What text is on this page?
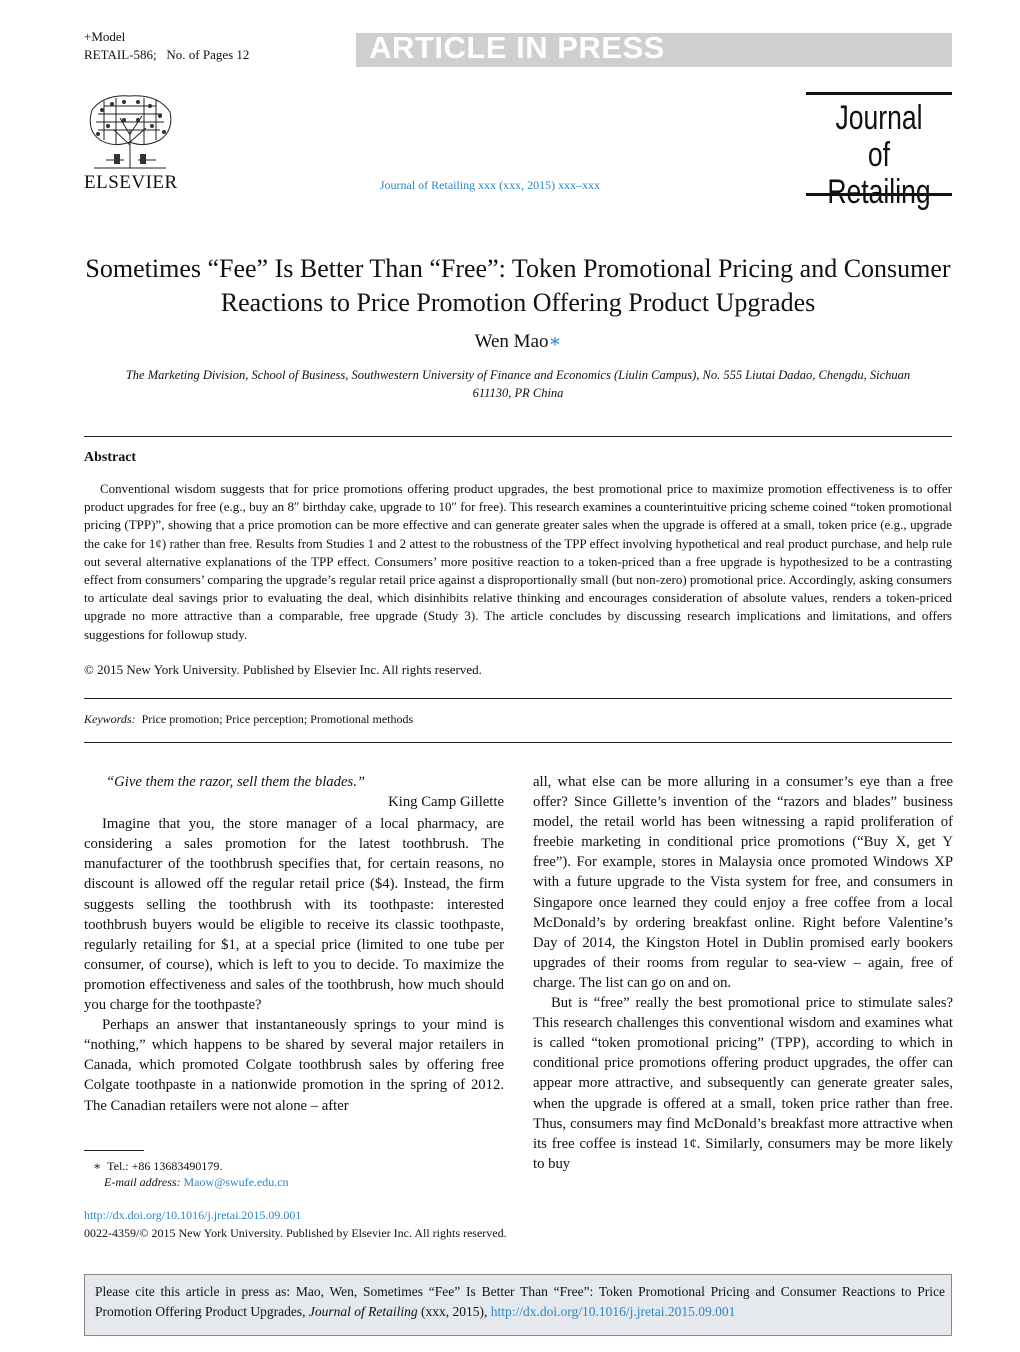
+Model
RETAIL-586; No. of Pages 12	ARTICLE IN PRESS
ELSEVIER	Journal of Retailing xxx (xxx, 2015) xxx–xxx
Journal of
Retailing
Sometimes “Fee” Is Better Than “Free”: Token Promotional Pricing and Consumer Reactions to Price Promotion Offering Product Upgrades
Wen Mao∗
The Marketing Division, School of Business, Southwestern University of Finance and Economics (Liulin Campus), No. 555 Liutai Dadao, Chengdu, Sichuan 611130, PR China
Abstract
Conventional wisdom suggests that for price promotions offering product upgrades, the best promotional price to maximize promotion effectiveness is to offer product upgrades for free (e.g., buy an 8″ birthday cake, upgrade to 10″ for free). This research examines a counterintuitive pricing scheme coined “token promotional pricing (TPP)”, showing that a price promotion can be more effective and can generate greater sales when the upgrade is offered at a small, token price (e.g., upgrade the cake for 1¢) rather than free. Results from Studies 1 and 2 attest to the robustness of the TPP effect involving hypothetical and real product purchase, and help rule out several alternative explanations of the TPP effect. Consumers’ more positive reaction to a token-priced than a free upgrade is hypothesized to be a contrasting effect from consumers’ comparing the upgrade’s regular retail price against a disproportionally small (but non-zero) promotional price. Accordingly, asking consumers to articulate deal savings prior to evaluating the deal, which disinhibits relative thinking and encourages consideration of absolute values, renders a token-priced upgrade no more attractive than a comparable, free upgrade (Study 3). The article concludes by discussing research implications and limitations, and offers suggestions for followup study.
© 2015 New York University. Published by Elsevier Inc. All rights reserved.
Keywords: Price promotion; Price perception; Promotional methods

“Give them the razor, sell them the blades.”

King Camp Gillette

Imagine that you, the store manager of a local pharmacy, are considering a sales promotion for the latest toothbrush. The manufacturer of the toothbrush specifies that, for certain reasons, no discount is allowed off the regular retail price ($4). Instead, the firm suggests selling the toothbrush with its toothpaste: interested toothbrush buyers would be eligible to receive its classic toothpaste, regularly retailing for $1, at a special price (limited to one tube per consumer, of course), which is left to you to decide. To maximize the promotion effectiveness and sales of the toothbrush, how much should you charge for the toothpaste?

Perhaps an answer that instantaneously springs to your mind is “nothing,” which happens to be shared by several major retailers in Canada, which promoted Colgate toothbrush sales by offering free Colgate toothpaste in a nationwide promotion in the spring of 2012. The Canadian retailers were not alone – after

all, what else can be more alluring in a consumer’s eye than a free offer? Since Gillette’s invention of the “razors and blades” business model, the retail world has been witnessing a rapid proliferation of freebie marketing in conditional price promotions (“Buy X, get Y free”). For example, stores in Malaysia once promoted Windows XP with a future upgrade to the Vista system for free, and consumers in Singapore once learned they could enjoy a free coffee from a local McDonald’s by ordering breakfast online. Right before Valentine’s Day of 2014, the Kingston Hotel in Dublin promised early bookers upgrades of their rooms from regular to sea-view – again, free of charge. The list can go on and on.

But is “free” really the best promotional price to stimulate sales? This research challenges this conventional wisdom and examines what is called “token promotional pricing” (TPP), according to which in conditional price promotions offering product upgrades, the offer can appear more attractive, and subsequently can generate greater sales, when the upgrade is offered at a small, token price rather than free. Thus, consumers may find McDonald’s breakfast more attractive when its free coffee is instead 1¢. Similarly, consumers may be more likely to buy

∗ Tel.: +86 13683490179.
E-mail address: Maow@swufe.edu.cn
http://dx.doi.org/10.1016/j.jretai.2015.09.001
0022-4359/© 2015 New York University. Published by Elsevier Inc. All rights reserved.
Please cite this article in press as: Mao, Wen, Sometimes “Fee” Is Better Than “Free”: Token Promotional Pricing and Consumer Reactions to Price Promotion Offering Product Upgrades, Journal of Retailing (xxx, 2015), http://dx.doi.org/10.1016/j.jretai.2015.09.001
